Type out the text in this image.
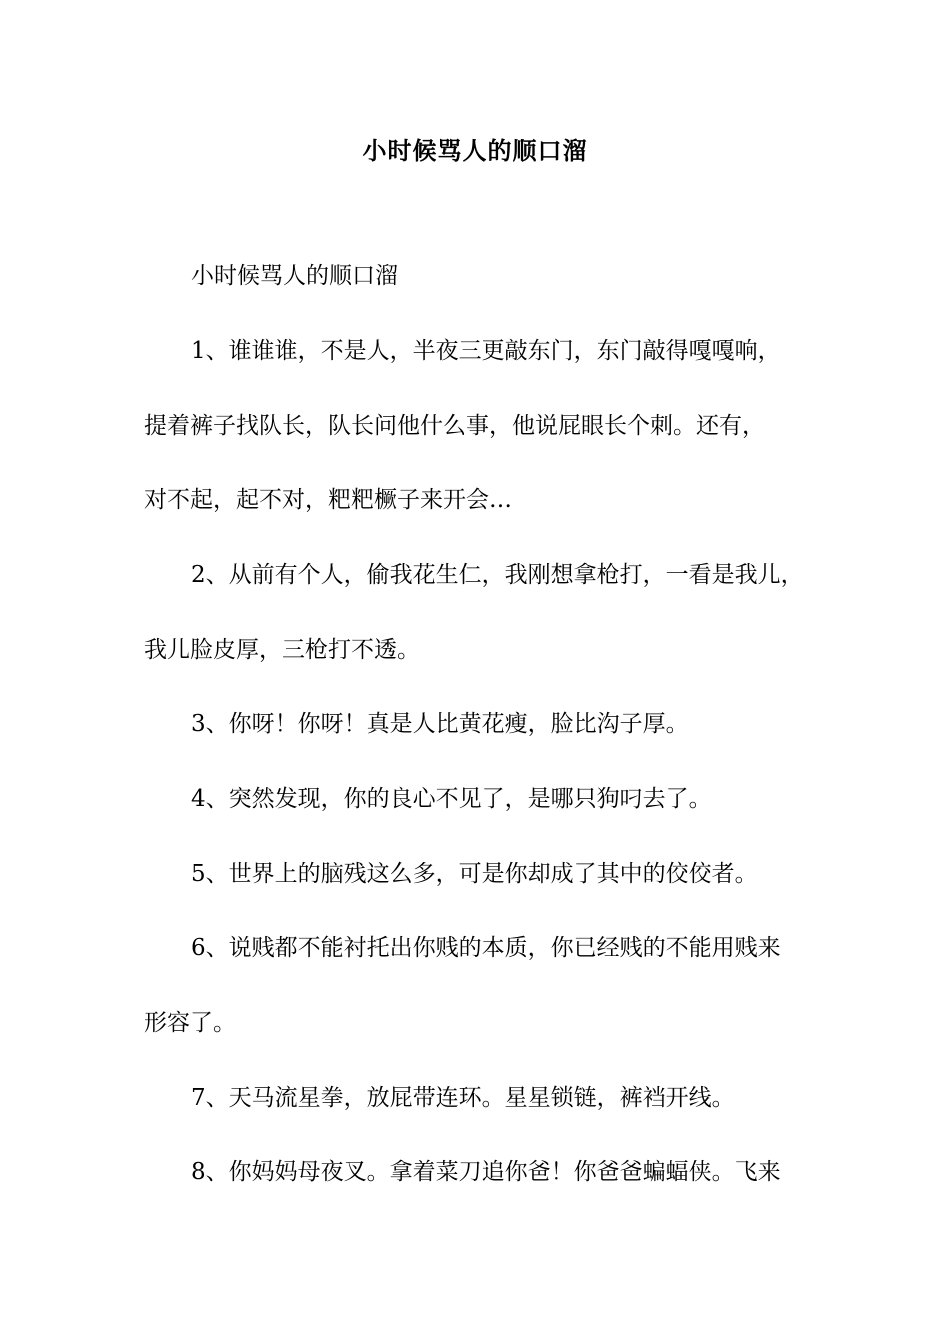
小时候骂人的顺口溜

小时候骂人的顺口溜

1、谁谁谁，不是人，半夜三更敲东门，东门敲得嘎嘎响，

提着裤子找队长，队长问他什么事，他说屁眼长个刺。还有，

对不起，起不对，粑粑橛子来开会…

2、从前有个人，偷我花生仁，我刚想拿枪打，一看是我儿，

我儿脸皮厚，三枪打不透。

3、你呀！你呀！真是人比黄花瘦，脸比沟子厚。

4、突然发现，你的良心不见了，是哪只狗叼去了。

5、世界上的脑残这么多，可是你却成了其中的佼佼者。

6、说贱都不能衬托出你贱的本质，你已经贱的不能用贱来

形容了。

7、天马流星拳，放屁带连环。星星锁链，裤裆开线。

8、你妈妈母夜叉。拿着菜刀追你爸！你爸爸蝙蝠侠。飞来
